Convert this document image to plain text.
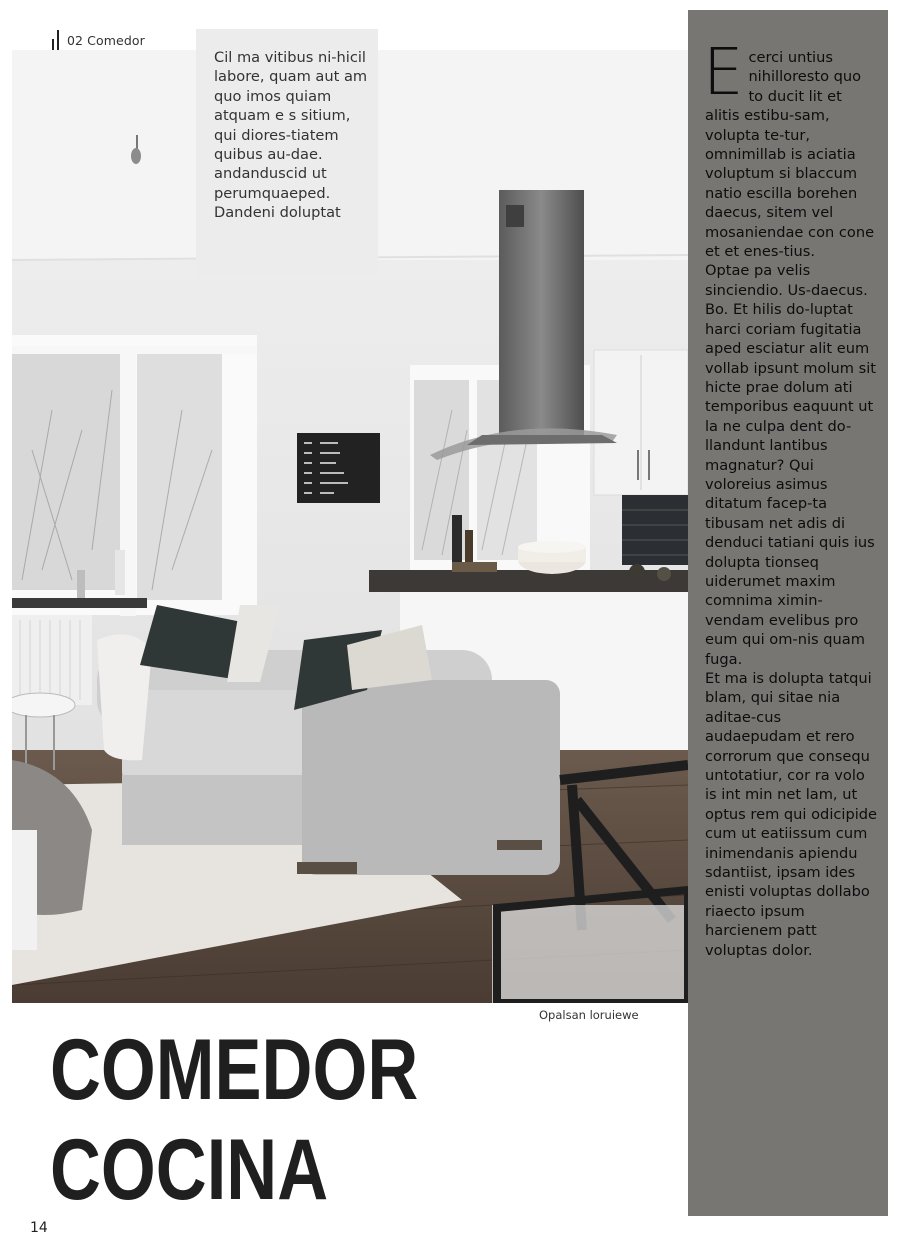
02 Comedor

Cil ma vitibus ni-hicil labore, quam aut am quo imos quiam atquam e s sitium, qui diores-tiatem quibus au-dae. andanduscid ut perumquaeped. Dandeni doluptat

E cerci untius nihilloresto quo to ducit lit et alitis estibu-sam, volupta te-tur, omnimillab is aciatia voluptum si blaccum natio escilla borehen daecus, sitem vel mosaniendae con cone et et enes-tius.

Optae pa velis sinciendio. Us-daecus.

Bo. Et hilis do-luptat harci coriam fugitatia aped esciatur alit eum vollab ipsunt molum sit hicte prae dolum ati temporibus eaquunt ut la ne culpa dent do-llandunt lantibus magnatur? Qui voloreius asimus ditatum facep-ta tibusam net adis di denduci tatiani quis ius dolupta tionseq uiderumet maxim comnima ximin-vendam evelibus pro eum qui om-nis quam fuga.

Et ma is dolupta tatqui blam, qui sitae nia aditae-cus audaepudam et rero corrorum que consequ untotatiur, cor ra volo is int min net lam, ut optus rem qui odicipide cum ut eatiissum cum inimendanis apiendu sdantiist, ipsam ides enisti voluptas dollabo riaecto ipsum harcienem patt voluptas dolor.

Opalsan loruiewe
COMEDOR
COCINA
14
